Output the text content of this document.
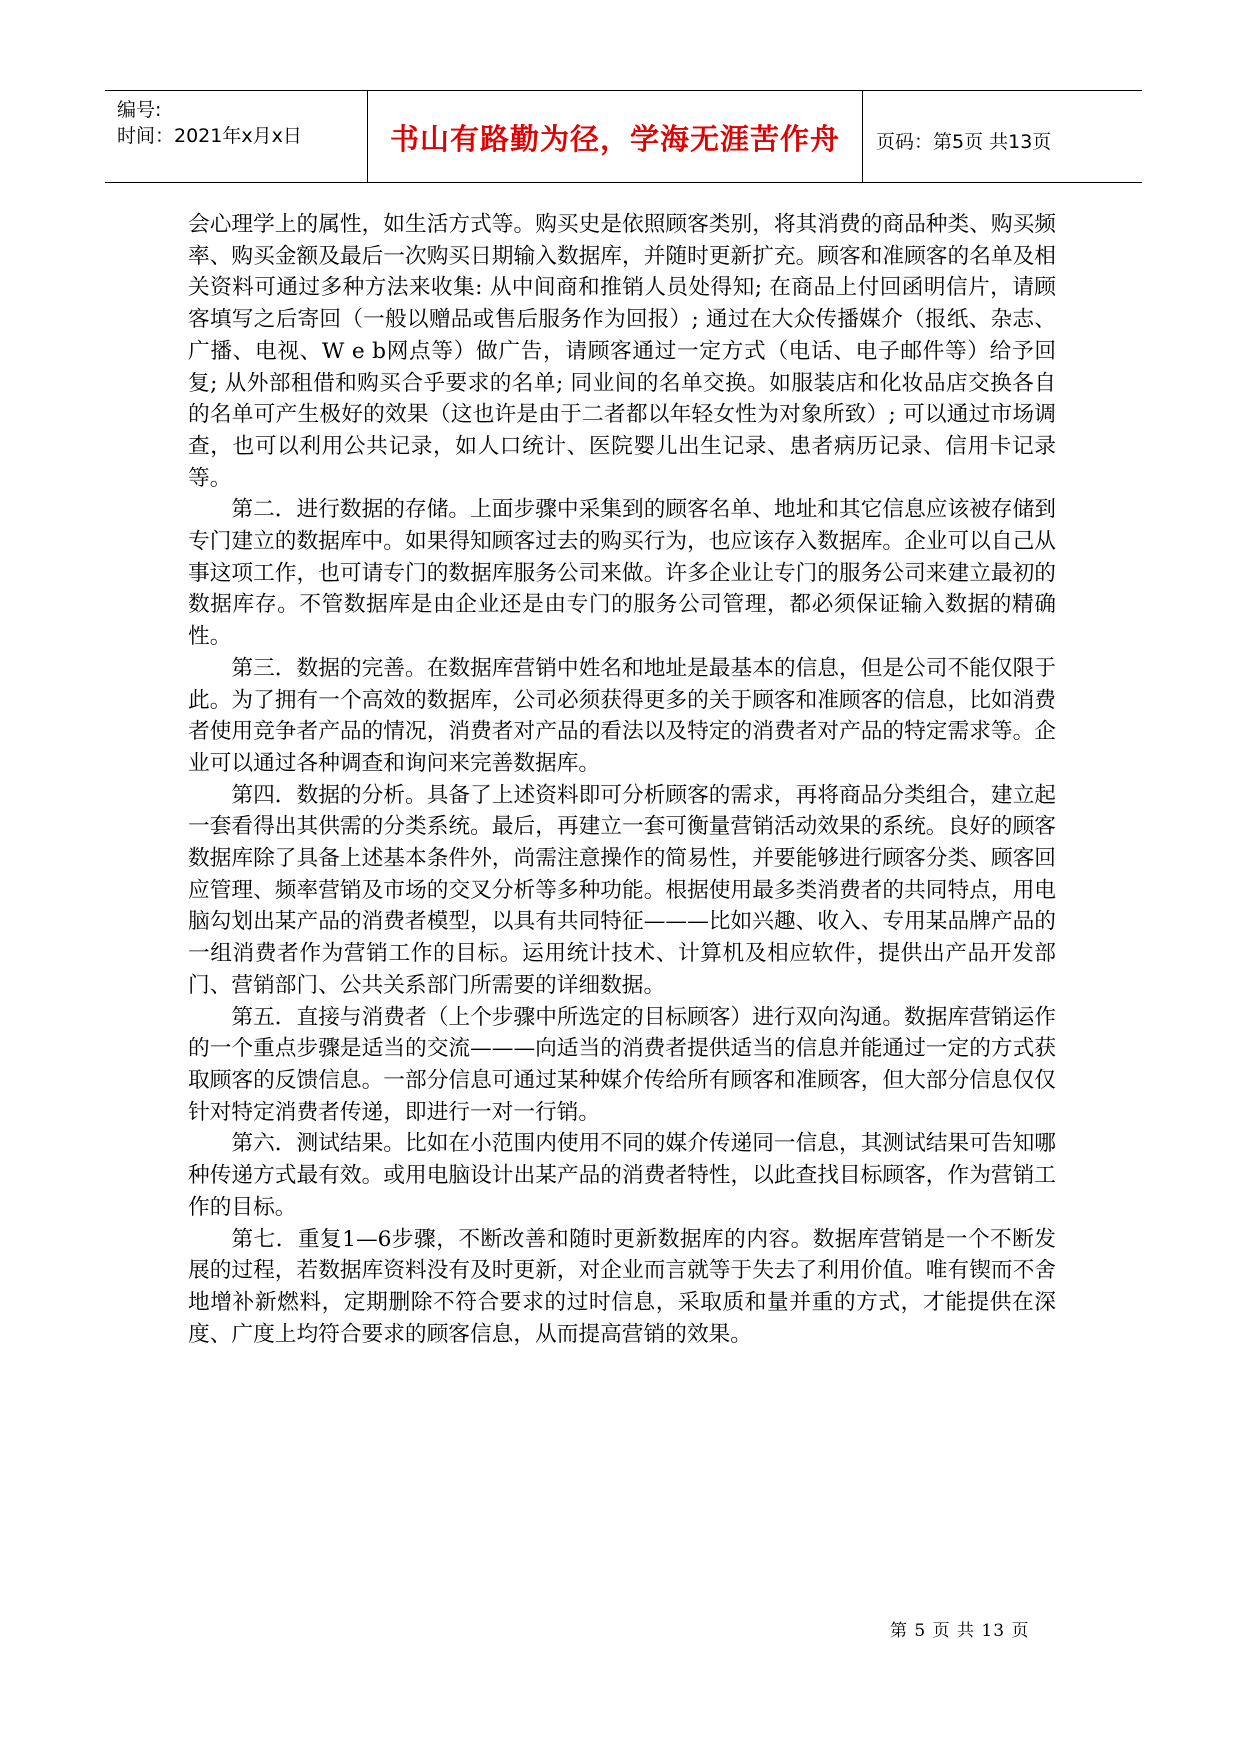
编号:
时间：2021年x月x日	书山有路勤为径，学海无涯苦作舟	页码：第5页 共13页

会心理学上的属性，如生活方式等。购买史是依照顾客类别，将其消费的商品种类、购买频率、购买金额及最后一次购买日期输入数据库，并随时更新扩充。顾客和准顾客的名单及相关资料可通过多种方法来收集: 从中间商和推销人员处得知; 在商品上付回函明信片，请顾客填写之后寄回（一般以赠品或售后服务作为回报）; 通过在大众传播媒介（报纸、杂志、广播、电视、W e b网点等）做广告，请顾客通过一定方式（电话、电子邮件等）给予回复; 从外部租借和购买合乎要求的名单; 同业间的名单交换。如服装店和化妆品店交换各自的名单可产生极好的效果（这也许是由于二者都以年轻女性为对象所致）; 可以通过市场调查，也可以利用公共记录，如人口统计、医院婴儿出生记录、患者病历记录、信用卡记录等。

第二．进行数据的存储。上面步骤中采集到的顾客名单、地址和其它信息应该被存储到专门建立的数据库中。如果得知顾客过去的购买行为，也应该存入数据库。企业可以自己从事这项工作，也可请专门的数据库服务公司来做。许多企业让专门的服务公司来建立最初的数据库存。不管数据库是由企业还是由专门的服务公司管理，都必须保证输入数据的精确性。

第三．数据的完善。在数据库营销中姓名和地址是最基本的信息，但是公司不能仅限于此。为了拥有一个高效的数据库，公司必须获得更多的关于顾客和准顾客的信息，比如消费者使用竞争者产品的情况，消费者对产品的看法以及特定的消费者对产品的特定需求等。企业可以通过各种调查和询问来完善数据库。

第四．数据的分析。具备了上述资料即可分析顾客的需求，再将商品分类组合，建立起一套看得出其供需的分类系统。最后，再建立一套可衡量营销活动效果的系统。良好的顾客数据库除了具备上述基本条件外，尚需注意操作的简易性，并要能够进行顾客分类、顾客回应管理、频率营销及市场的交叉分析等多种功能。根据使用最多类消费者的共同特点，用电脑勾划出某产品的消费者模型，以具有共同特征———比如兴趣、收入、专用某品牌产品的一组消费者作为营销工作的目标。运用统计技术、计算机及相应软件，提供出产品开发部门、营销部门、公共关系部门所需要的详细数据。

第五．直接与消费者（上个步骤中所选定的目标顾客）进行双向沟通。数据库营销运作的一个重点步骤是适当的交流———向适当的消费者提供适当的信息并能通过一定的方式获取顾客的反馈信息。一部分信息可通过某种媒介传给所有顾客和准顾客，但大部分信息仅仅针对特定消费者传递，即进行一对一行销。

第六．测试结果。比如在小范围内使用不同的媒介传递同一信息，其测试结果可告知哪种传递方式最有效。或用电脑设计出某产品的消费者特性，以此查找目标顾客，作为营销工作的目标。

第七．重复1—6步骤，不断改善和随时更新数据库的内容。数据库营销是一个不断发展的过程，若数据库资料没有及时更新，对企业而言就等于失去了利用价值。唯有锲而不舍地增补新燃料，定期删除不符合要求的过时信息，采取质和量并重的方式，才能提供在深度、广度上均符合要求的顾客信息，从而提高营销的效果。

第 5 页 共 13 页
